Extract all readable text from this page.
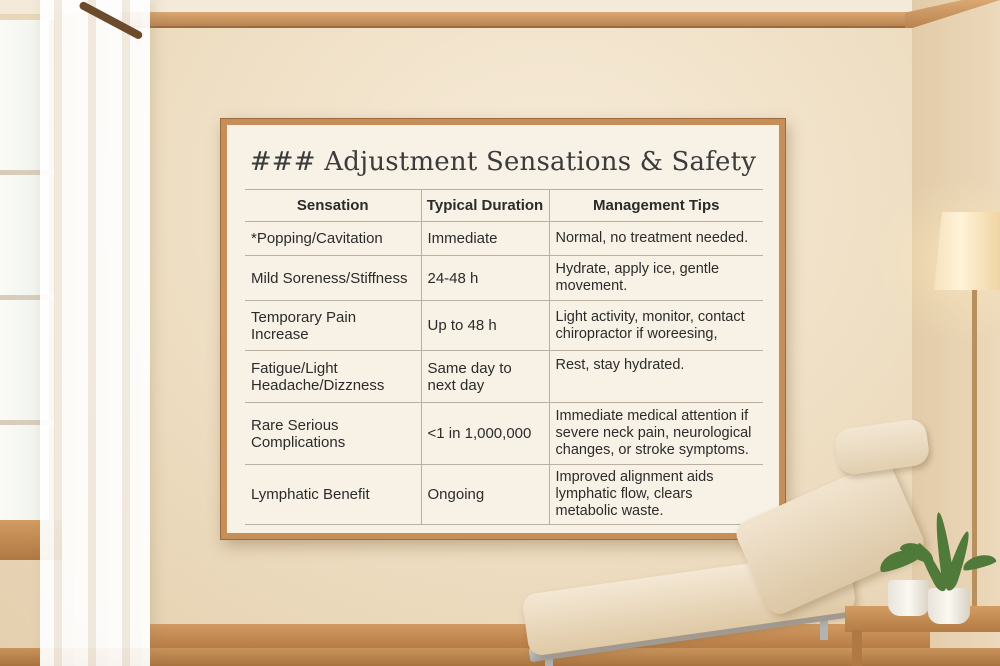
### Adjustment Sensations & Safety
Sensation	Typical Duration	Management Tips
*Popping/Cavitation	Immediate	Normal, no treatment needed.
Mild Soreness/Stiffness	24-48 h	Hydrate, apply ice, gentle movement.
Temporary Pain Increase	Up to 48 h	Light activity, monitor, contact chiropractor if woreesing,
Fatigue/Light Headache/Dizzness	Same day to next day	Rest, stay hydrated.
Rare Serious Complications	<1 in 1,000,000	Immediate medical attention if severe neck pain, neurological changes, or stroke symptoms.
Lymphatic Benefit	Ongoing	Improved alignment aids lymphatic flow, clears metabolic waste.
